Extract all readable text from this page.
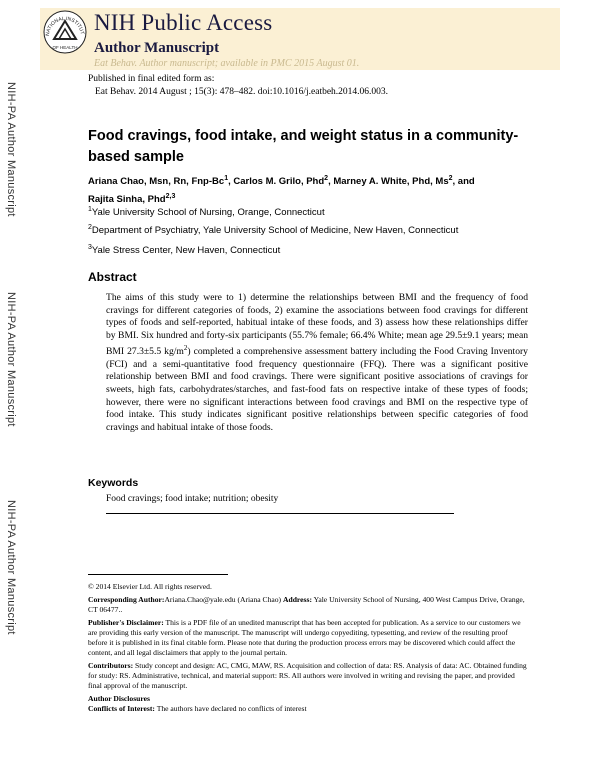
NATIONAL INSTITUT
OF HEALTH
NIH Public Access
Author Manuscript
Eat Behav. Author manuscript; available in PMC 2015 August 01.
Published in final edited form as:
Eat Behav. 2014 August ; 15(3): 478–482. doi:10.1016/j.eatbeh.2014.06.003.
NIH-PA Author Manuscript
NIH-PA Author Manuscript
NIH-PA Author Manuscript
Food cravings, food intake, and weight status in a community-based sample
Ariana Chao, Msn, Rn, Fnp-Bc$^1$, Carlos M. Grilo, Phd$^2$, Marney A. White, Phd, Ms$^2$, and
Rajita Sinha, Phd$^{2,3}$
$^1$Yale University School of Nursing, Orange, Connecticut
$^2$Department of Psychiatry, Yale University School of Medicine, New Haven, Connecticut
$^3$Yale Stress Center, New Haven, Connecticut
Abstract
The aims of this study were to 1) determine the relationships between BMI and the frequency of food cravings for different categories of foods, 2) examine the associations between food cravings for different types of foods and self-reported, habitual intake of these foods, and 3) assess how these relationships differ by BMI. Six hundred and forty-six participants (55.7% female; 66.4% White; mean age 29.5±9.1 years; mean BMI 27.3±5.5 $kg/m^2$) completed a comprehensive assessment battery including the Food Craving Inventory (FCI) and a semi-quantitative food frequency questionnaire (FFQ). There was a significant positive relationship between BMI and food cravings. There were significant positive associations of cravings for sweets, high fats, carbohydrates/starches, and fast-food fats on respective intake of these types of foods; however, there were no significant interactions between food cravings and BMI on the respective type of food intake. This study indicates significant positive relationships between specific categories of food cravings and habitual intake of those foods.
Keywords
Food cravings; food intake; nutrition; obesity

© 2014 Elsevier Ltd. All rights reserved.

Corresponding Author:Ariana.Chao@yale.edu (Ariana Chao) Address: Yale University School of Nursing, 400 West Campus Drive, Orange, CT 06477..

Publisher's Disclaimer: This is a PDF file of an unedited manuscript that has been accepted for publication. As a service to our customers we are providing this early version of the manuscript. The manuscript will undergo copyediting, typesetting, and review of the resulting proof before it is published in its final citable form. Please note that during the production process errors may be discovered which could affect the content, and all legal disclaimers that apply to the journal pertain.

Contributors: Study concept and design: AC, CMG, MAW, RS. Acquisition and collection of data: RS. Analysis of data: AC. Obtained funding for study: RS. Administrative, technical, and material support: RS. All authors were involved in writing and revising the paper, and provided final approval of the manuscript.

Author Disclosures

Conflicts of Interest: The authors have declared no conflicts of interest
